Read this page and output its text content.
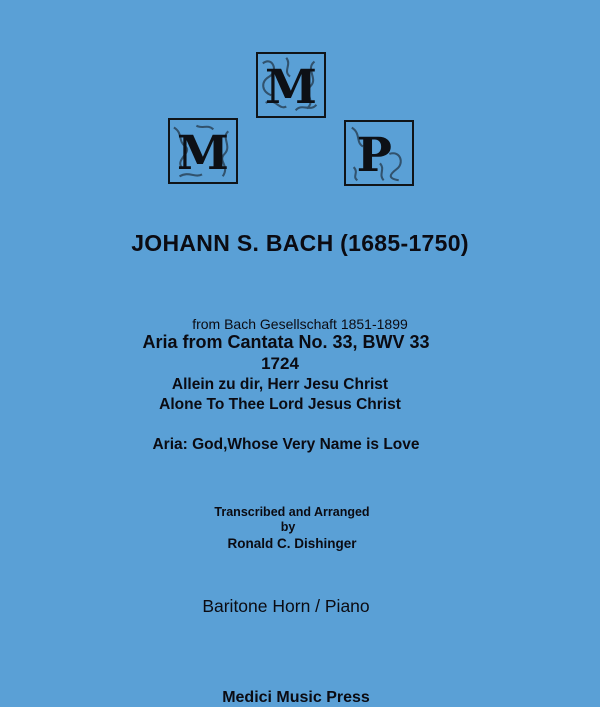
M
M	P
JOHANN S. BACH (1685-1750)
from Bach Gesellschaft 1851-1899
Aria from Cantata No. 33, BWV 33
1724
Allein zu dir, Herr Jesu Christ
Alone To Thee Lord Jesus Christ
Aria: God,Whose Very Name is Love
Transcribed and Arranged
by
Ronald C. Dishinger
Baritone Horn / Piano
Medici Music Press
